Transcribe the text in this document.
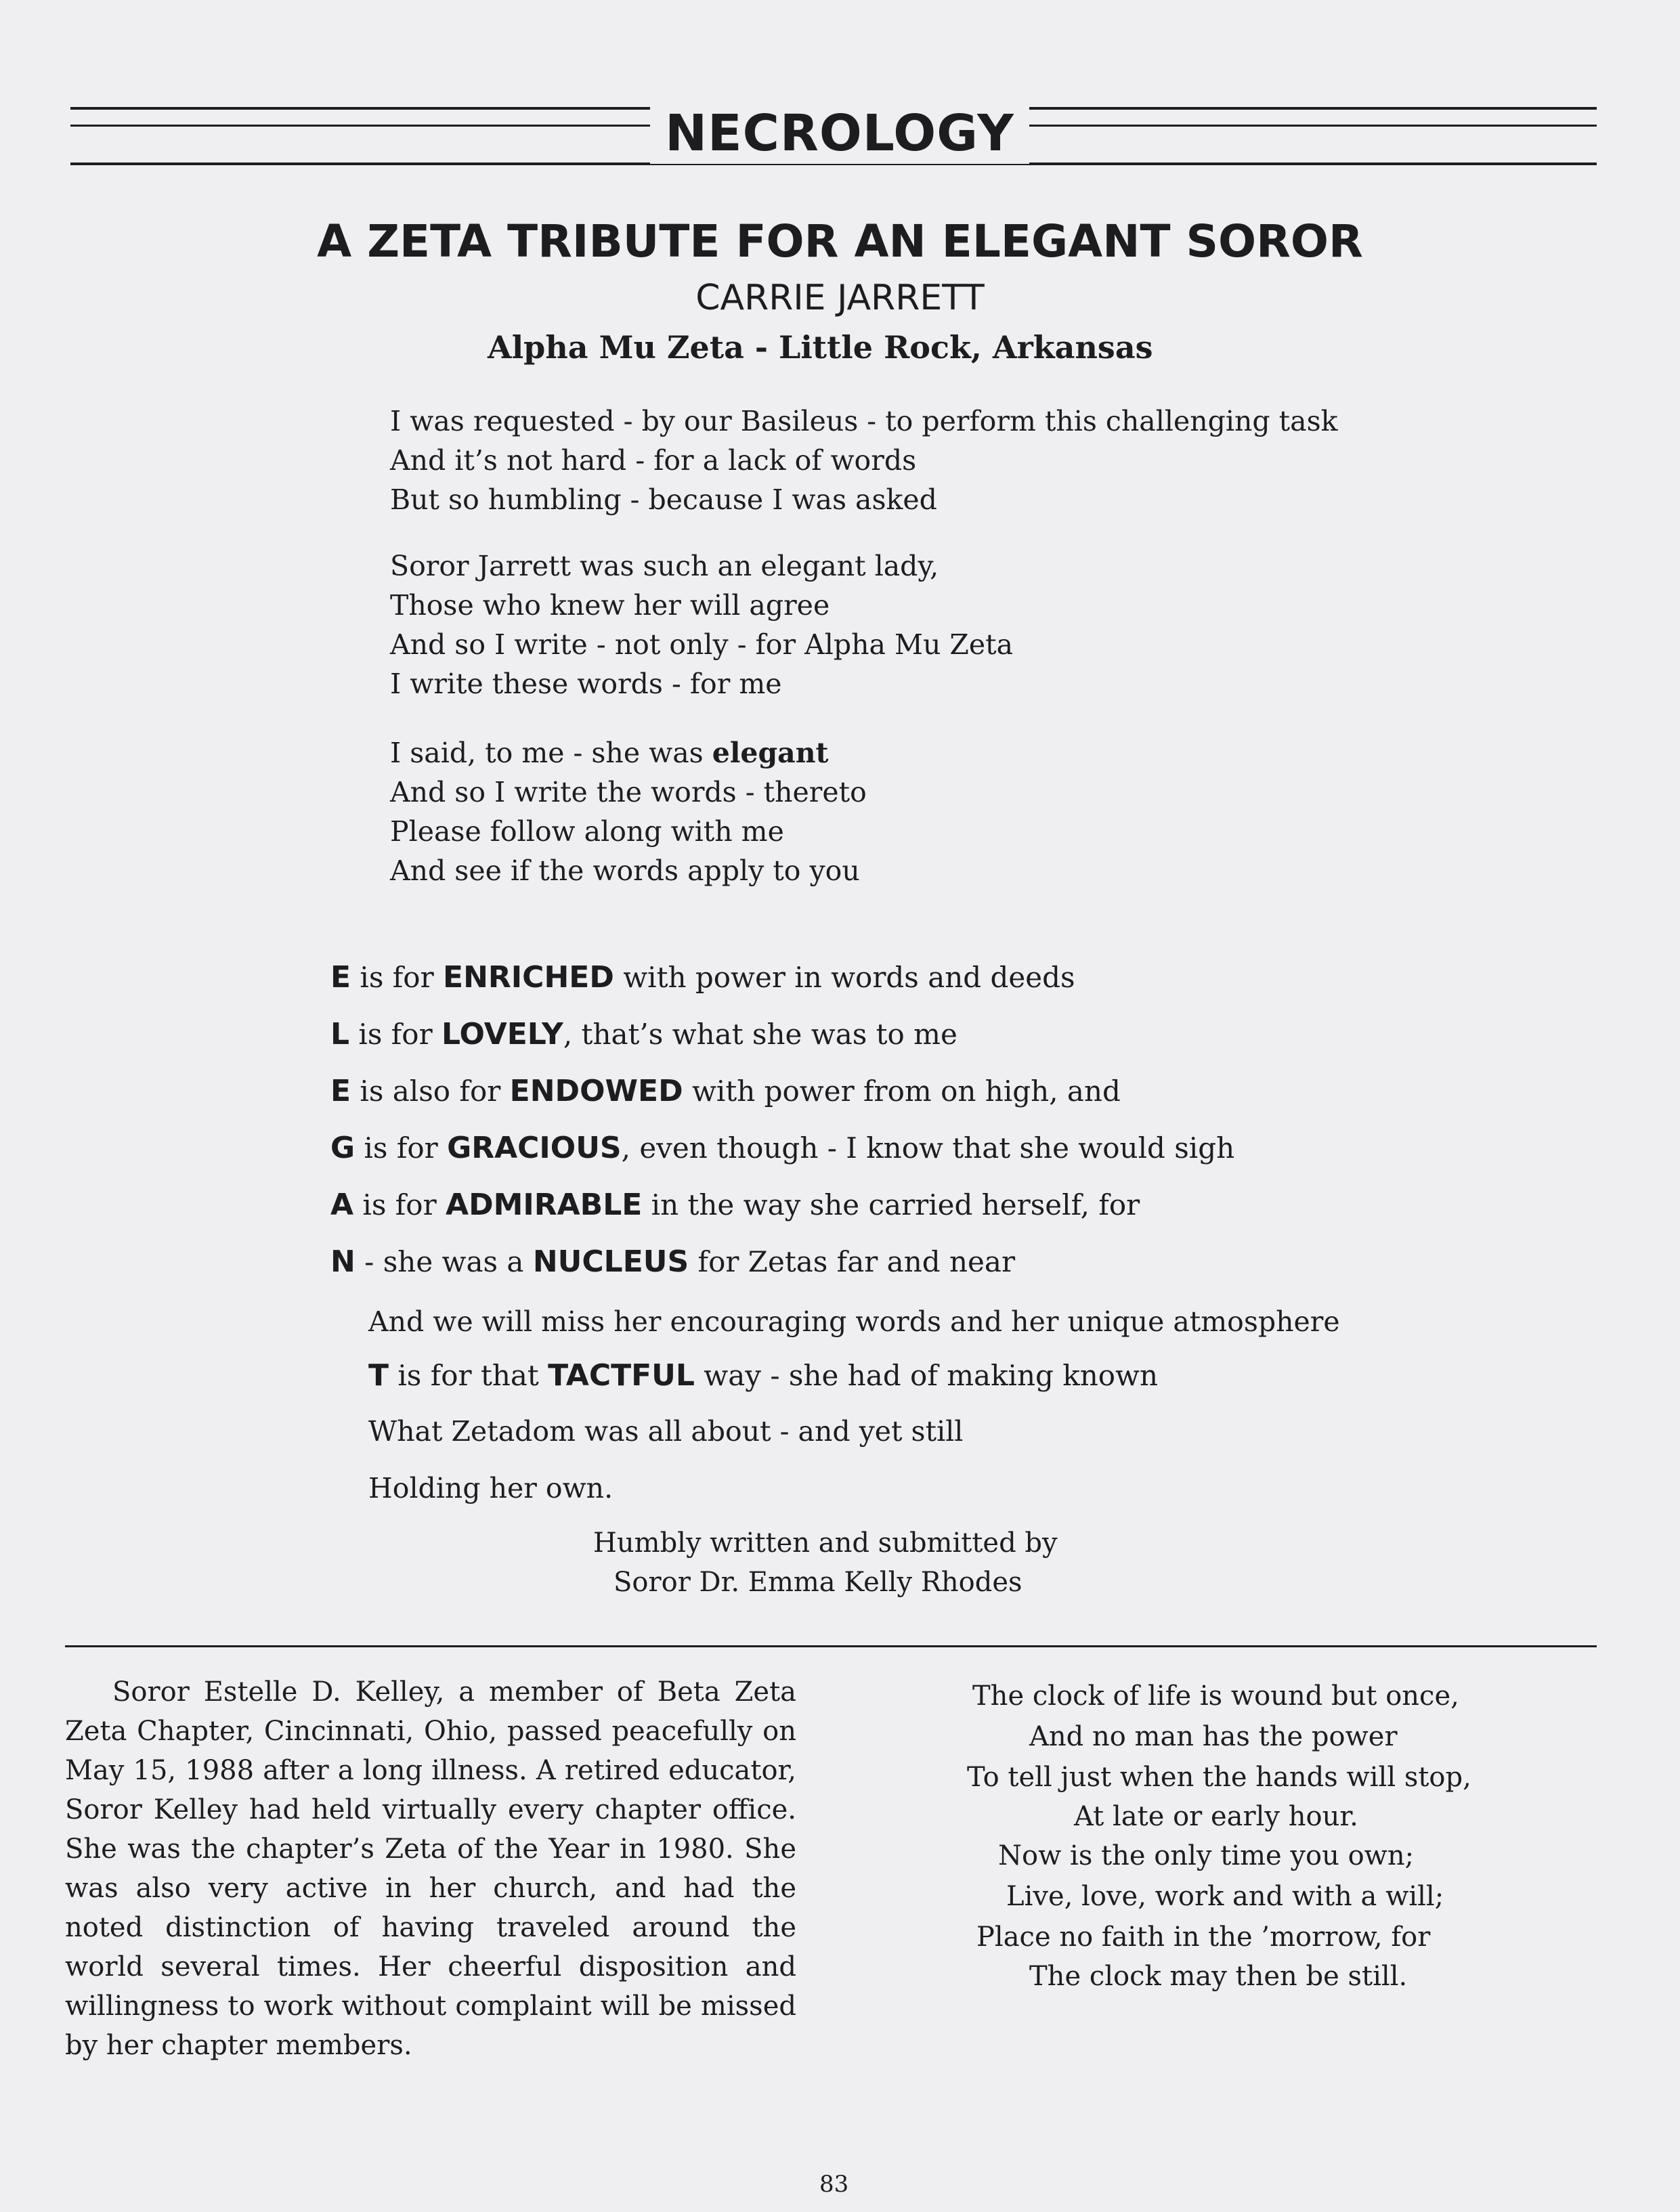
NECROLOGY
A ZETA TRIBUTE FOR AN ELEGANT SOROR
CARRIE JARRETT
Alpha Mu Zeta - Little Rock, Arkansas
I was requested - by our Basileus - to perform this challenging task
And it’s not hard - for a lack of words
But so humbling - because I was asked
Soror Jarrett was such an elegant lady,
Those who knew her will agree
And so I write - not only - for Alpha Mu Zeta
I write these words - for me
I said, to me - she was elegant
And so I write the words - thereto
Please follow along with me
And see if the words apply to you
E is for ENRICHED with power in words and deeds
L is for LOVELY, that’s what she was to me
E is also for ENDOWED with power from on high, and
G is for GRACIOUS, even though - I know that she would sigh
A is for ADMIRABLE in the way she carried herself, for
N - she was a NUCLEUS for Zetas far and near
And we will miss her encouraging words and her unique atmosphere
T is for that TACTFUL way - she had of making known
What Zetadom was all about - and yet still
Holding her own.
Humbly written and submitted by
Soror Dr. Emma Kelly Rhodes
Soror Estelle D. Kelley, a member of Beta Zeta Zeta Chapter, Cincinnati, Ohio, passed peacefully on May 15, 1988 after a long illness. A retired educator, Soror Kelley had held virtually every chapter office. She was the chapter’s Zeta of the Year in 1980. She was also very active in her church, and had the noted distinction of having traveled around the world several times. Her cheerful disposition and willingness to work without complaint will be missed by her chapter members.
The clock of life is wound but once,
And no man has the power
To tell just when the hands will stop,
At late or early hour.
Now is the only time you own;
Live, love, work and with a will;
Place no faith in the ’morrow, for
The clock may then be still.
83
